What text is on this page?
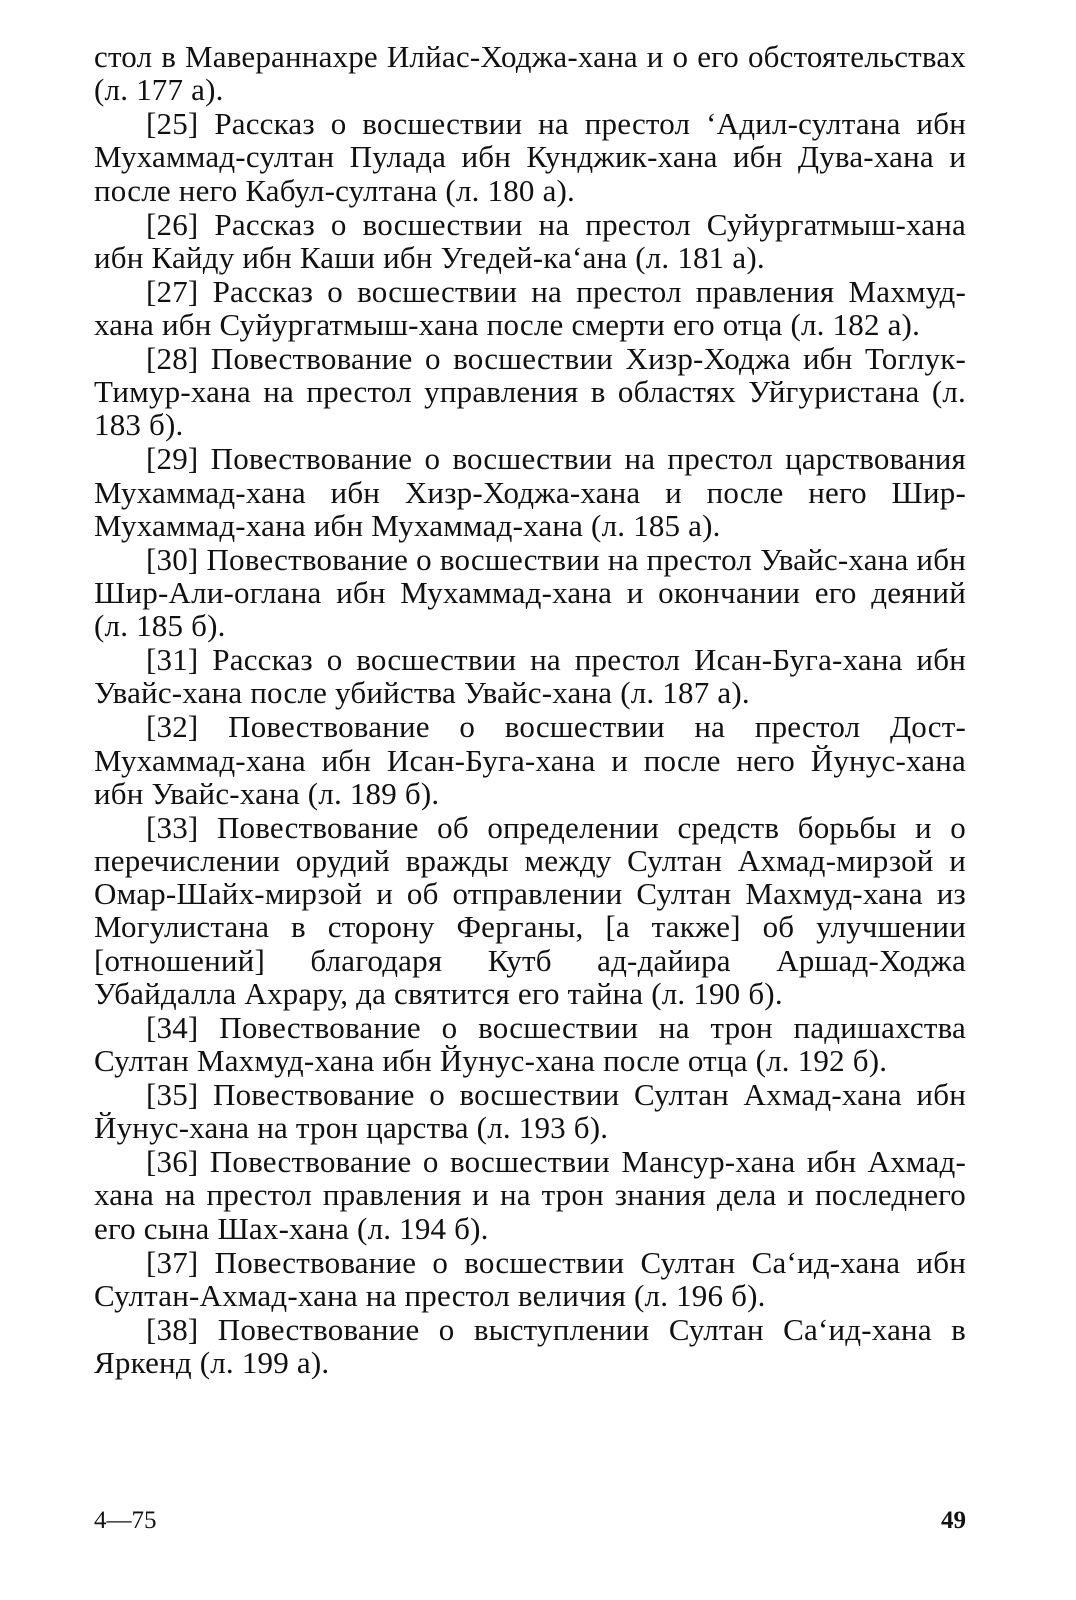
стол в Мавераннахре Илйас-Ходжа-хана и о его обстоятельствах (л. 177 а).

[25] Рассказ о восшествии на престол ‘Адил-султана ибн Мухаммад-султан Пулада ибн Кунджик-хана ибн Дува-хана и после него Кабул-султана (л. 180 а).

[26] Рассказ о восшествии на престол Суйургатмыш-хана ибн Кайду ибн Каши ибн Угедей-ка‘ана (л. 181 а).

[27] Рассказ о восшествии на престол правления Махмуд-хана ибн Суйургатмыш-хана после смерти его отца (л. 182 а).

[28] Повествование о восшествии Хизр-Ходжа ибн Тоглук-Тимур-хана на престол управления в областях Уйгуристана (л. 183 б).

[29] Повествование о восшествии на престол царствования Мухаммад-хана ибн Хизр-Ходжа-хана и после него Шир-Мухаммад-хана ибн Мухаммад-хана (л. 185 а).

[30] Повествование о восшествии на престол Увайс-хана ибн Шир-Али-оглана ибн Мухаммад-хана и окончании его деяний (л. 185 б).

[31] Рассказ о восшествии на престол Исан-Буга-хана ибн Увайс-хана после убийства Увайс-хана (л. 187 а).

[32] Повествование о восшествии на престол Дост-Мухаммад-хана ибн Исан-Буга-хана и после него Йунус-хана ибн Увайс-хана (л. 189 б).

[33] Повествование об определении средств борьбы и о перечислении орудий вражды между Султан Ахмад-мирзой и Омар-Шайх-мирзой и об отправлении Султан Махмуд-хана из Могулистана в сторону Ферганы, [а также] об улучшении [отношений] благодаря Кутб ад-дайира Аршад-Ходжа Убайдалла Ахрару, да святится его тайна (л. 190 б).

[34] Повествование о восшествии на трон падишахства Султан Махмуд-хана ибн Йунус-хана после отца (л. 192 б).

[35] Повествование о восшествии Султан Ахмад-хана ибн Йунус-хана на трон царства (л. 193 б).

[36] Повествование о восшествии Мансур-хана ибн Ахмад-хана на престол правления и на трон знания дела и последнего его сына Шах-хана (л. 194 б).

[37] Повествование о восшествии Султан Са‘ид-хана ибн Султан-Ахмад-хана на престол величия (л. 196 б).

[38] Повествование о выступлении Султан Са‘ид-хана в Яркенд (л. 199 а).

4—75	49
